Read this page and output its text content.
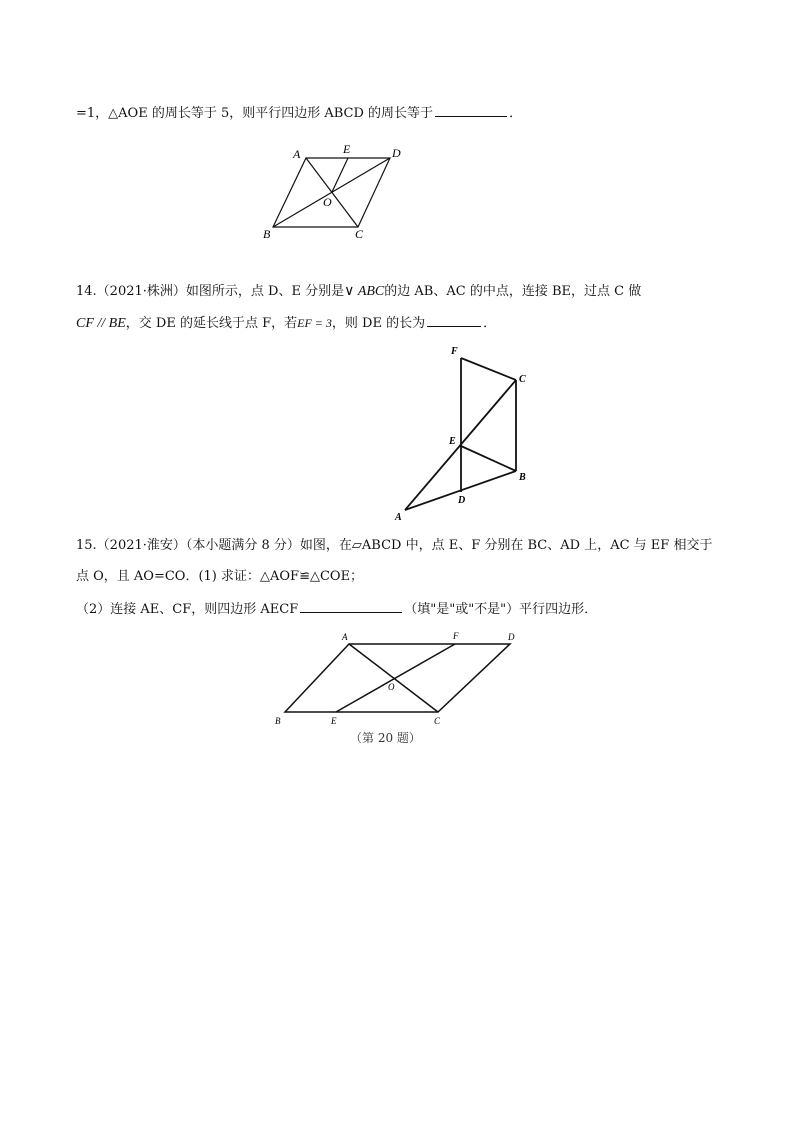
=1，△AOE 的周长等于 5，则平行四边形 ABCD 的周长等于	．
A	E	D
O
B	C
14.（2021·株洲）如图所示，点 D、E 分别是∨ ABC的边 AB、AC 的中点，连接 BE，过点 C 做
CF // BE，交 DE 的延长线于点 F，若EF = 3，则 DE 的长为	．
F
C
E
B
D
A
15.（2021·淮安）（本小题满分 8 分）如图，在▱ABCD 中，点 E、F 分别在 BC、AD 上，AC 与 EF 相交于
点 O，且 AO=CO．(1) 求证：△AOF≌△COE；
（2）连接 AE、CF，则四边形 AECF	（填"是"或"不是"）平行四边形．
A	F	D
O
B	E	C
（第 20 题）
